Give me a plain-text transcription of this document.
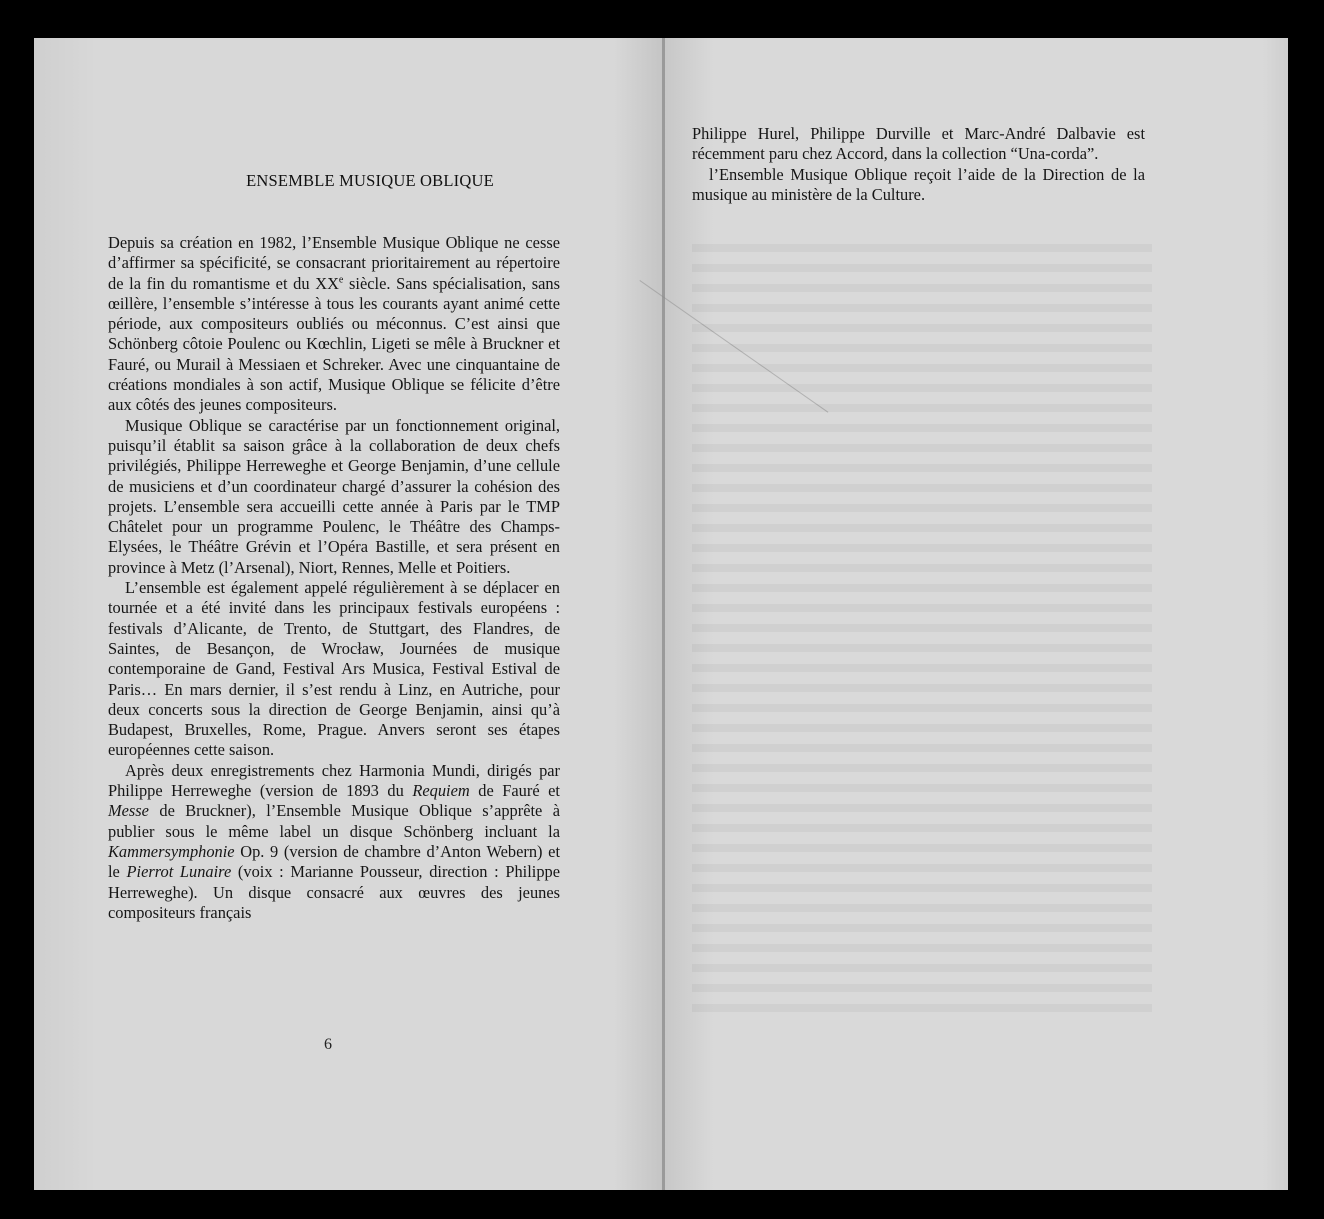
ENSEMBLE MUSIQUE OBLIQUE

Depuis sa création en 1982, l’Ensemble Musique Oblique ne cesse d’affirmer sa spécificité, se consacrant prioritairement au répertoire de la fin du romantisme et du XXe siècle. Sans spécialisation, sans œillère, l’ensemble s’intéresse à tous les courants ayant animé cette période, aux compositeurs oubliés ou méconnus. C’est ainsi que Schönberg côtoie Poulenc ou Kœchlin, Ligeti se mêle à Bruckner et Fauré, ou Murail à Messiaen et Schreker. Avec une cinquantaine de créations mondiales à son actif, Musique Oblique se félicite d’être aux côtés des jeunes compositeurs.

Musique Oblique se caractérise par un fonctionnement original, puisqu’il établit sa saison grâce à la collaboration de deux chefs privilégiés, Philippe Herreweghe et George Benjamin, d’une cellule de musiciens et d’un coordinateur chargé d’assurer la cohésion des projets. L’ensemble sera accueilli cette année à Paris par le TMP Châtelet pour un programme Poulenc, le Théâtre des Champs-Elysées, le Théâtre Grévin et l’Opéra Bastille, et sera présent en province à Metz (l’Arsenal), Niort, Rennes, Melle et Poitiers.

L’ensemble est également appelé régulièrement à se déplacer en tournée et a été invité dans les principaux festivals européens : festivals d’Alicante, de Trento, de Stuttgart, des Flandres, de Saintes, de Besançon, de Wrocław, Journées de musique contemporaine de Gand, Festival Ars Musica, Festival Estival de Paris… En mars dernier, il s’est rendu à Linz, en Autriche, pour deux concerts sous la direction de George Benjamin, ainsi qu’à Budapest, Bruxelles, Rome, Prague. Anvers seront ses étapes européennes cette saison.

Après deux enregistrements chez Harmonia Mundi, dirigés par Philippe Herreweghe (version de 1893 du Requiem de Fauré et Messe de Bruckner), l’Ensemble Musique Oblique s’apprête à publier sous le même label un disque Schönberg incluant la Kammersymphonie Op. 9 (version de chambre d’Anton Webern) et le Pierrot Lunaire (voix : Marianne Pousseur, direction : Philippe Herreweghe). Un disque consacré aux œuvres des jeunes compositeurs français

Philippe Hurel, Philippe Durville et Marc-André Dalbavie est récemment paru chez Accord, dans la collection “Una-corda”.

l’Ensemble Musique Oblique reçoit l’aide de la Direction de la musique au ministère de la Culture.

6
